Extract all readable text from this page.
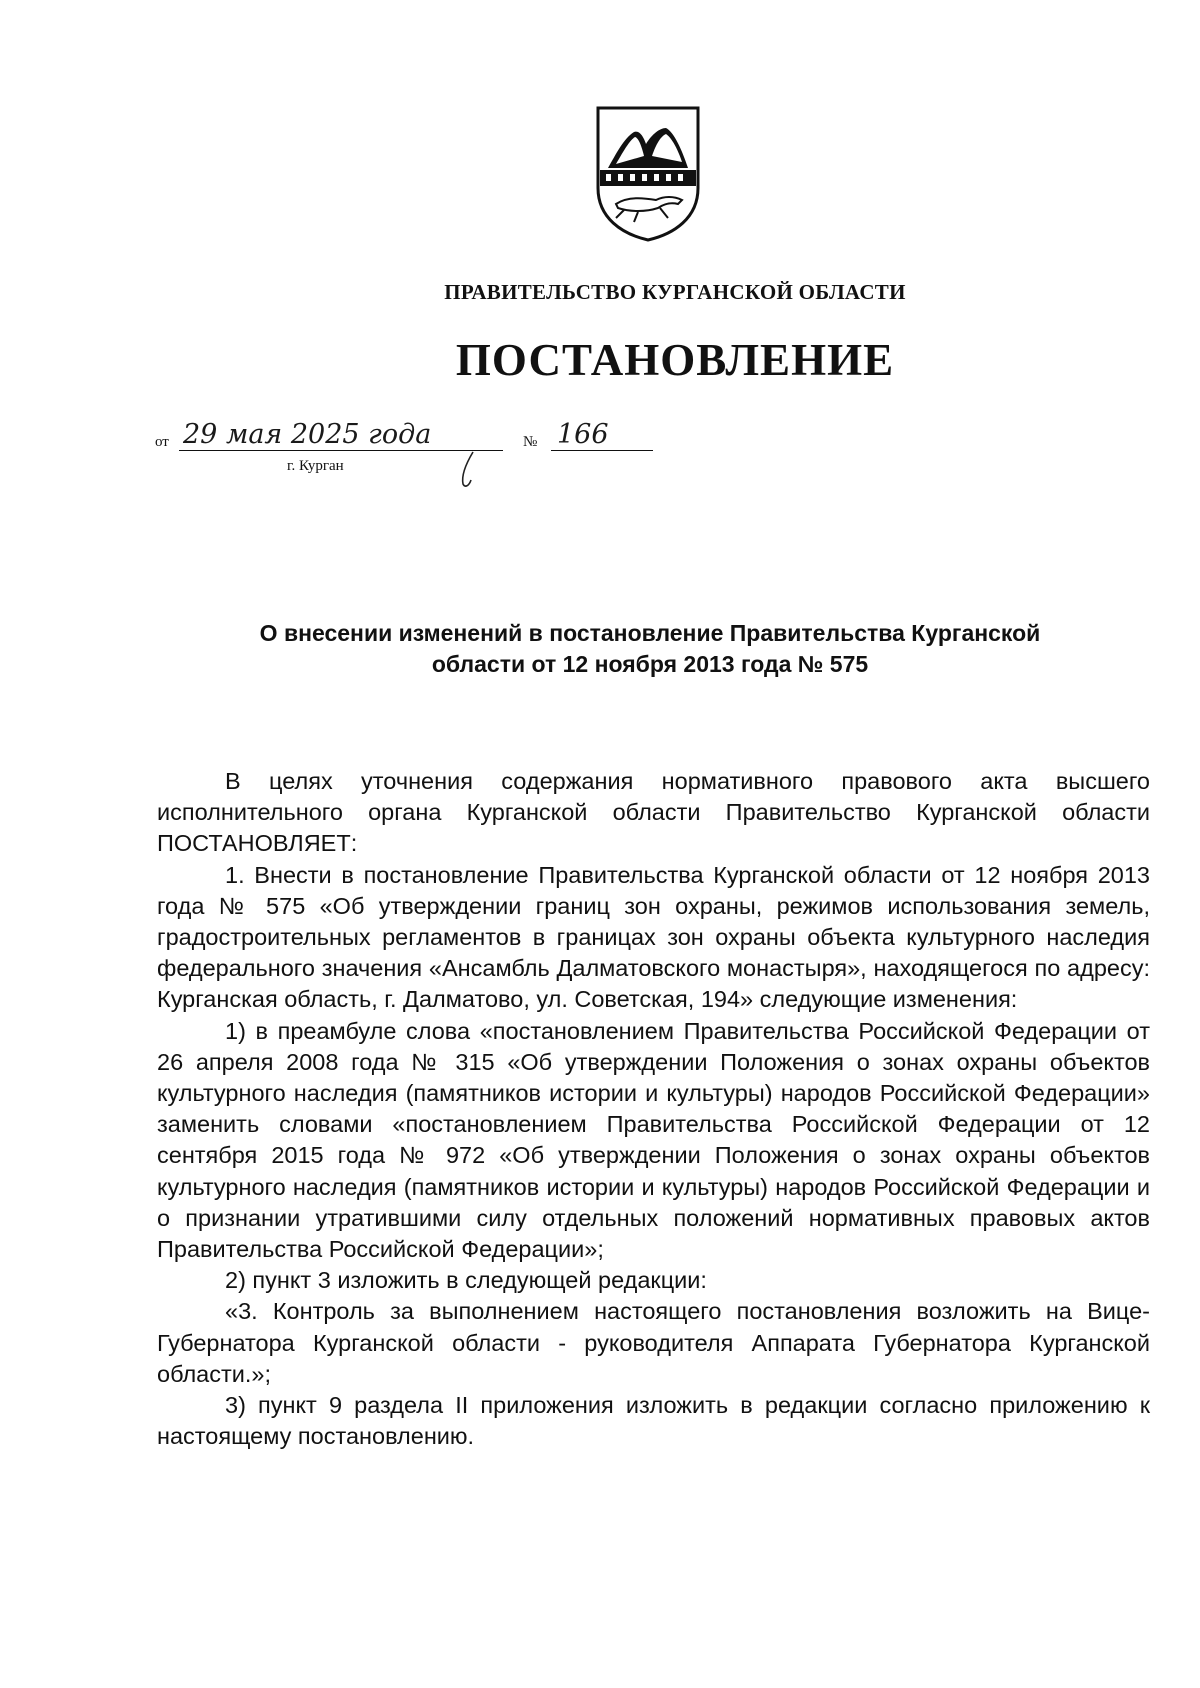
ПРАВИТЕЛЬСТВО КУРГАНСКОЙ ОБЛАСТИ
ПОСТАНОВЛЕНИЕ
от 29 мая 2025 года	№ 166
г. Курган
О внесении изменений в постановление Правительства Курганской
области от 12 ноября 2013 года № 575

В целях уточнения содержания нормативного правового акта высшего исполнительного органа Курганской области Правительство Курганской области ПОСТАНОВЛЯЕТ:

1. Внести в постановление Правительства Курганской области от 12 ноября 2013 года № 575 «Об утверждении границ зон охраны, режимов использования земель, градостроительных регламентов в границах зон охраны объекта культурного наследия федерального значения «Ансамбль Далматовского монастыря», находящегося по адресу: Курганская область, г. Далматово, ул. Советская, 194» следующие изменения:

1) в преамбуле слова «постановлением Правительства Российской Федерации от 26 апреля 2008 года № 315 «Об утверждении Положения о зонах охраны объектов культурного наследия (памятников истории и культуры) народов Российской Федерации» заменить словами «постановлением Правительства Российской Федерации от 12 сентября 2015 года № 972 «Об утверждении Положения о зонах охраны объектов культурного наследия (памятников истории и культуры) народов Российской Федерации и о признании утратившими силу отдельных положений нормативных правовых актов Правительства Российской Федерации»;

2) пункт 3 изложить в следующей редакции:

«3. Контроль за выполнением настоящего постановления возложить на Вице-Губернатора Курганской области - руководителя Аппарата Губернатора Курганской области.»;

3) пункт 9 раздела II приложения изложить в редакции согласно приложению к настоящему постановлению.
